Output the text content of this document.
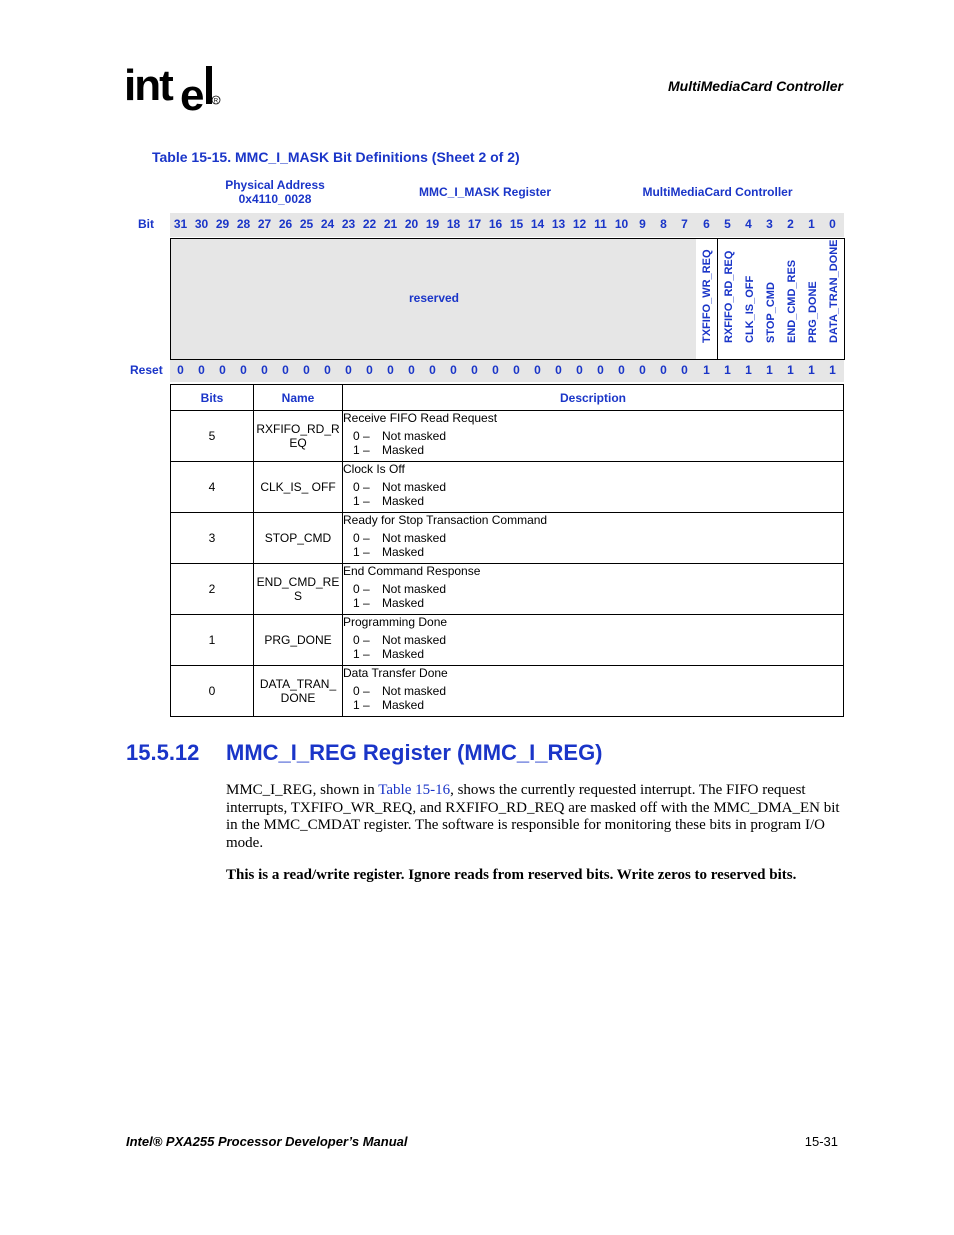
int e R
MultiMediaCard Controller
Table 15-15. MMC_I_MASK Bit Definitions (Sheet 2 of 2)
Physical Address
0x4110_0028	MMC_I_MASK Register	MultiMediaCard Controller
Bit	31 30 29 28 27 26 25 24 23 22 21 20 19 18 17 16 15 14 13 12 11 10 9	8	7	6	5	4	3	2	1	0
reserved	TXFIFO_WR_REQ RXFIFO_RD_REQ CLK_IS_OFF STOP_CMD END_CMD_RES PRG_DONE DATA_TRAN_DONE
Reset	0	0	0	0	0	0	0	0	0	0	0	0	0	0	0	0	0	0	0	0	0	0	0	0	0	1	1	1	1	1	1	1
Bits	Name	Description
5	RXFIFO_RD_REQ	Receive FIFO Read Request
0 – Not masked
1 – Masked

4	CLK_IS_ OFF	Clock Is Off
0 – Not masked
1 – Masked

3	STOP_CMD	Ready for Stop Transaction Command
0 – Not masked
1 – Masked

2	END_CMD_RES	End Command Response
0 – Not masked
1 – Masked

1	PRG_DONE	Programming Done
0 – Not masked
1 – Masked

0	DATA_TRAN_ DONE	Data Transfer Done
0 – Not masked
1 – Masked
15.5.12 MMC_I_REG Register (MMC_I_REG)
MMC_I_REG, shown in Table 15-16, shows the currently requested interrupt. The FIFO request interrupts, TXFIFO_WR_REQ, and RXFIFO_RD_REQ are masked off with the MMC_DMA_EN bit in the MMC_CMDAT register. The software is responsible for monitoring these bits in program I/O mode.
This is a read/write register. Ignore reads from reserved bits. Write zeros to reserved bits.
Intel® PXA255 Processor Developer’s Manual	15-31
